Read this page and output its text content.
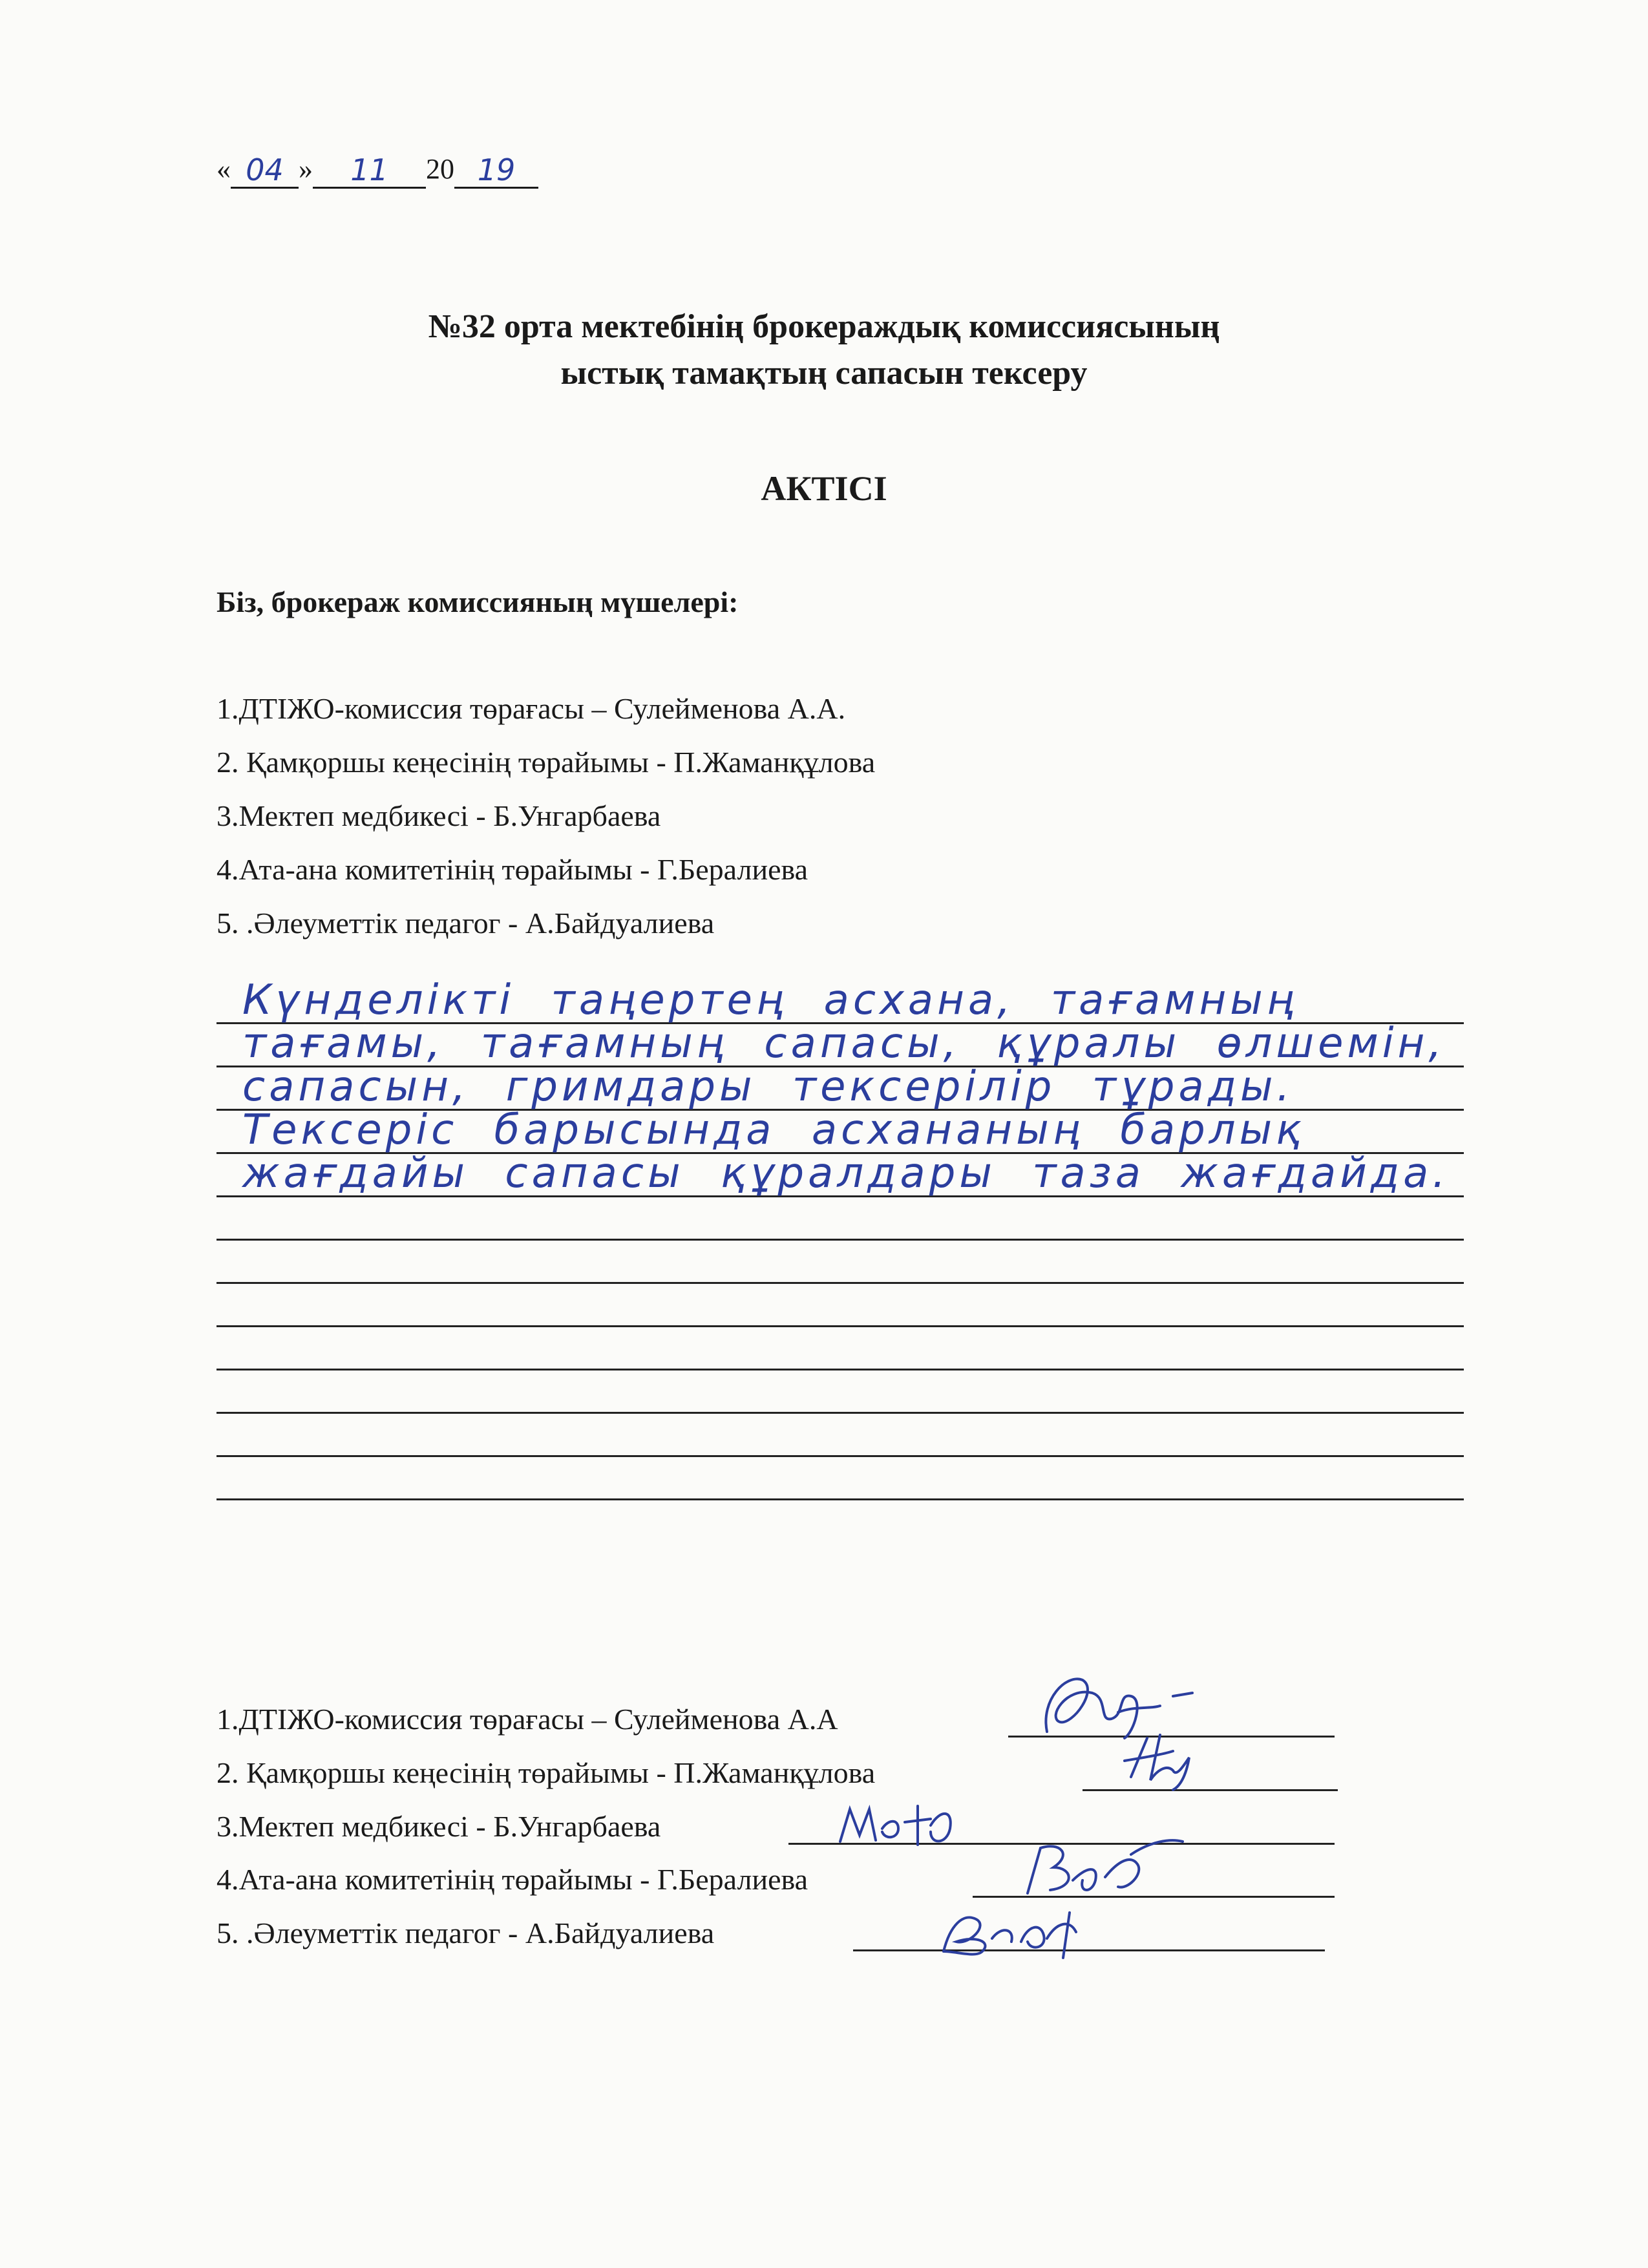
« 04 » 11 20 19
№32 орта мектебінің брокераждық комиссиясының
ыстық тамақтың сапасын тексеру
АКТІСІ
Біз, брокераж комиссияның мүшелері:
1.ДТІЖО-комиссия төрағасы – Сулейменова А.А.
2. Қамқоршы кеңесінің төрайымы - П.Жаманқұлова
3.Мектеп медбикесі - Б.Унгарбаева
4.Ата-ана комитетінің төрайымы - Г.Бералиева
5. .Әлеуметтік педагог - А.Байдуалиева
Күнделікті таңертең асхана, тағамның тағамы, тағамның сапасы, құралы өлшемін, сапасын, гримдары тексерілір тұрады. Тексеріс барысында асхананың барлық жағдайы сапасы құралдары таза жағдайда.
1.ДТІЖО-комиссия төрағасы – Сулейменова А.А
2. Қамқоршы кеңесінің төрайымы - П.Жаманқұлова
3.Мектеп медбикесі - Б.Унгарбаева
4.Ата-ана комитетінің төрайымы - Г.Бералиева
5. .Әлеуметтік педагог - А.Байдуалиева
